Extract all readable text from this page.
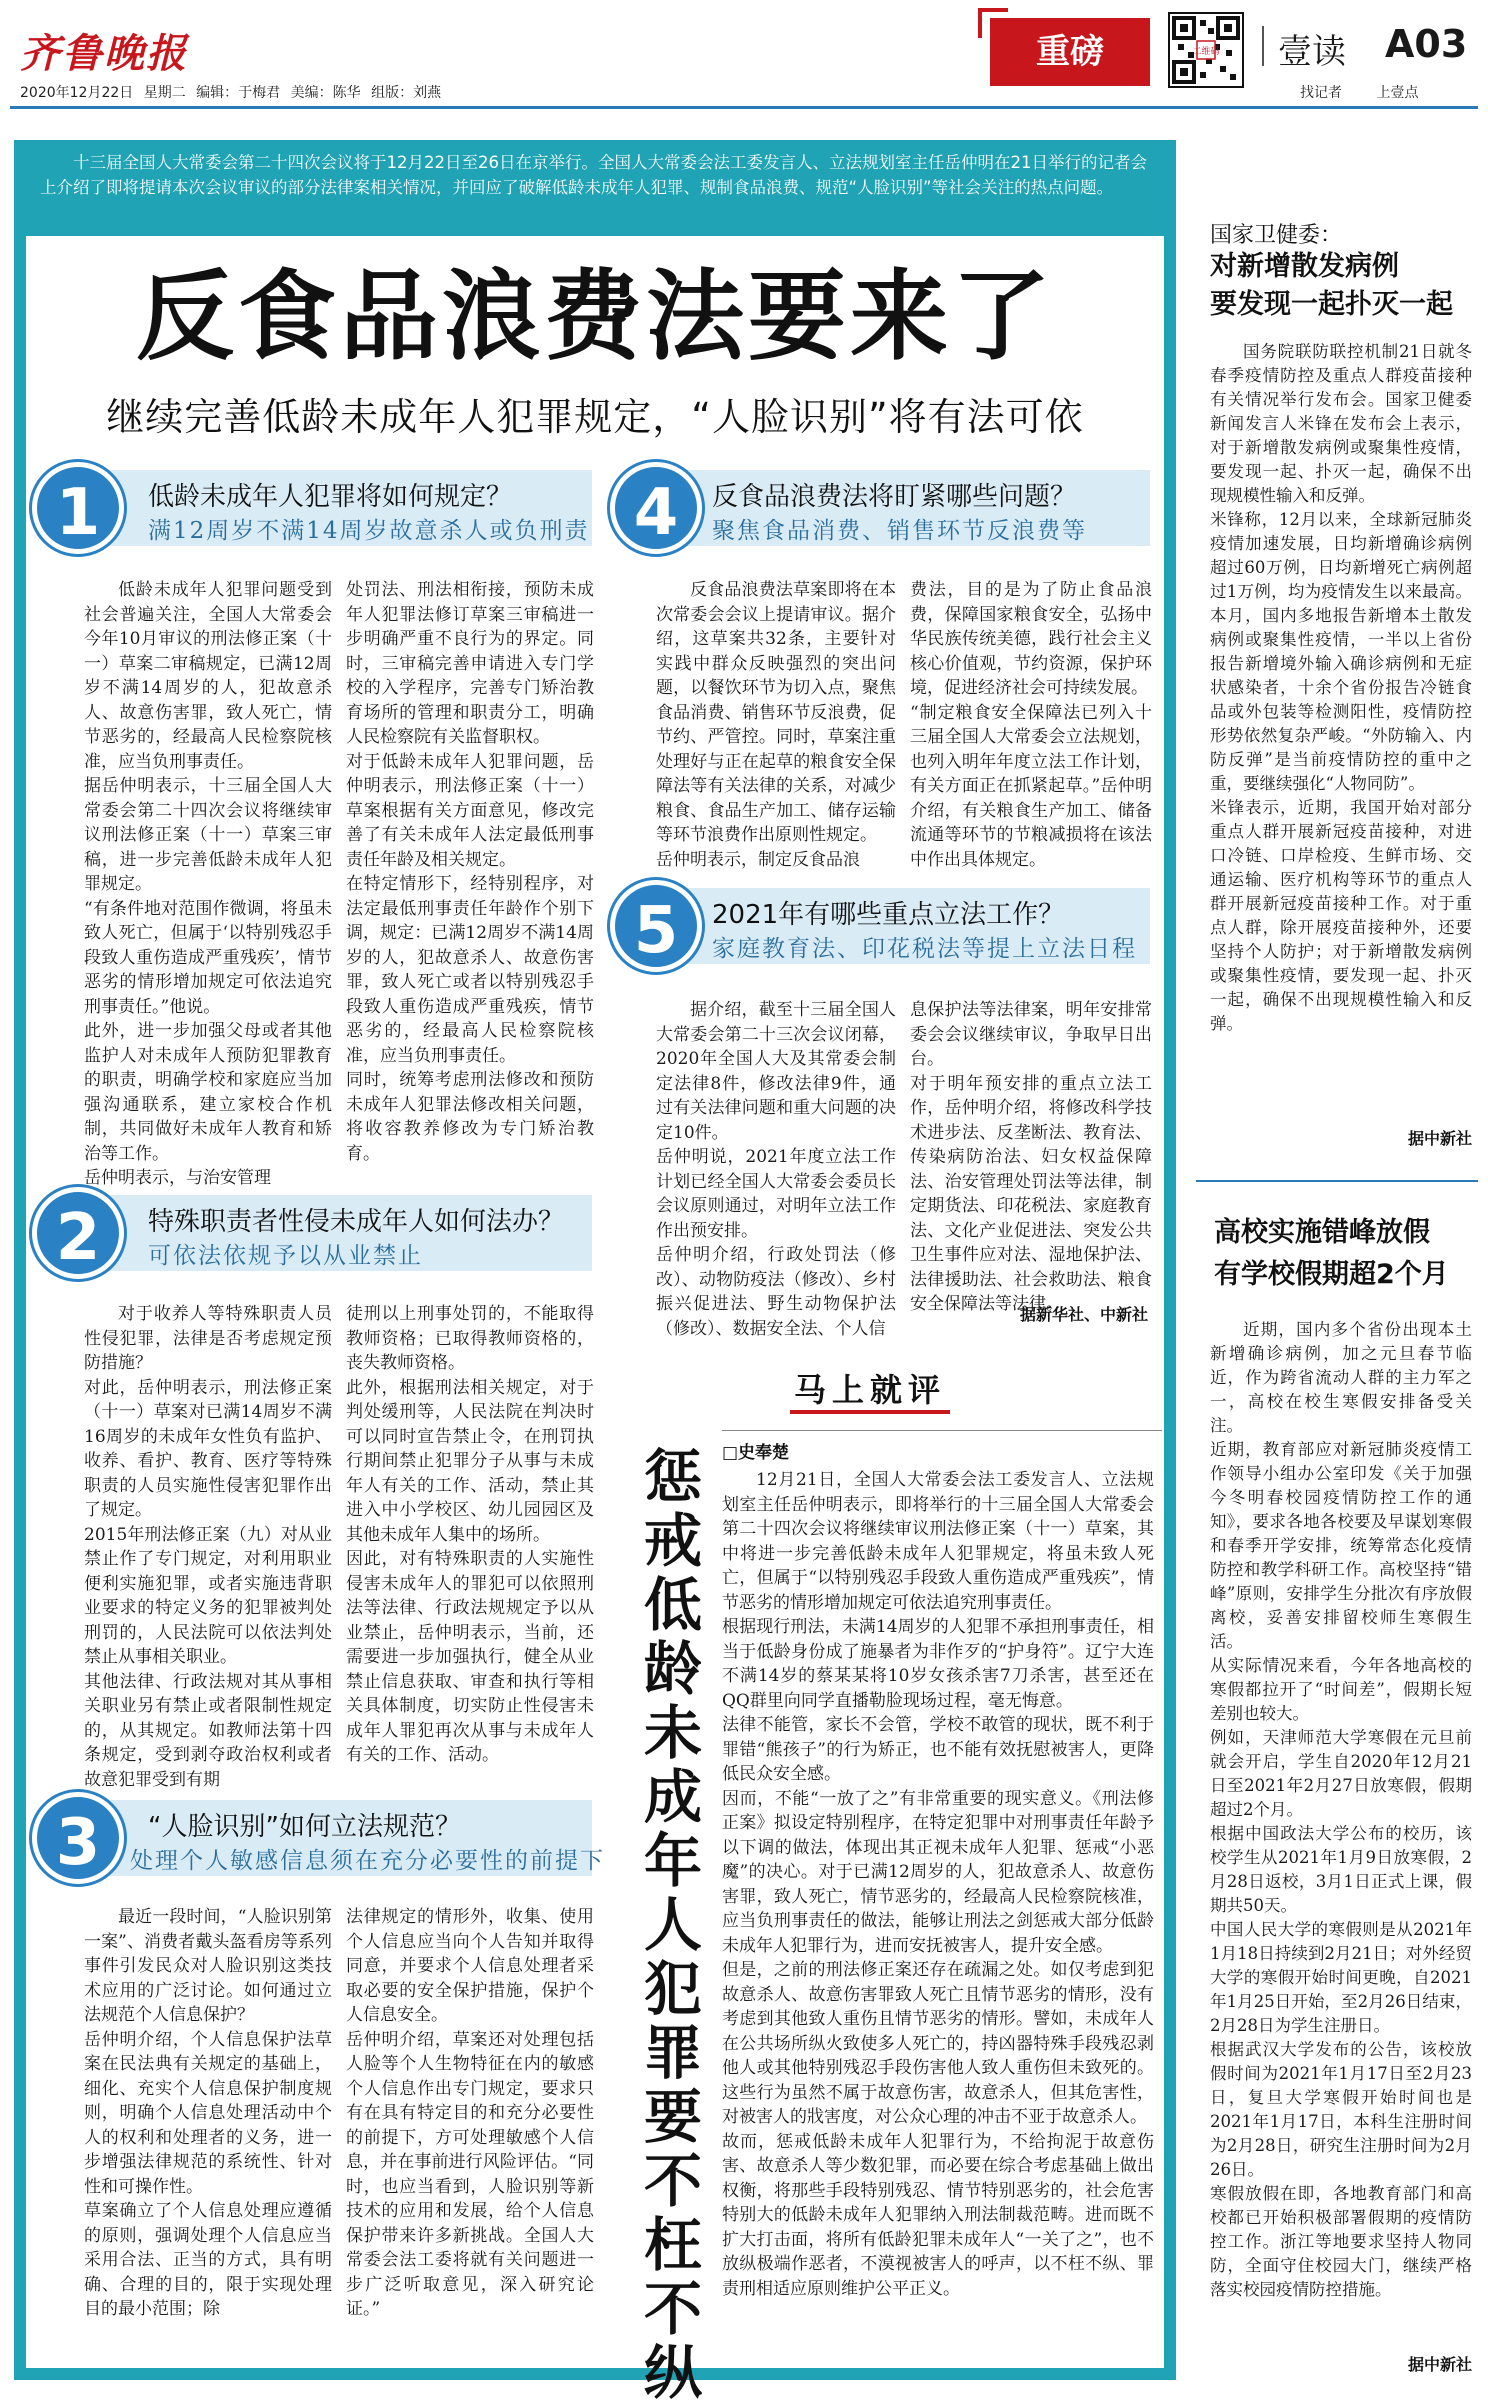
齐鲁晚报
2020年12月22日 星期二 编辑：于梅君 美编：陈华 组版：刘燕
重磅	二维码 壹读 A03
找记者 上壹点
十三届全国人大常委会第二十四次会议将于12月22日至26日在京举行。全国人大常委会法工委发言人、立法规划室主任岳仲明在21日举行的记者会上介绍了即将提请本次会议审议的部分法律案相关情况，并回应了破解低龄未成年人犯罪、规制食品浪费、规范“人脸识别”等社会关注的热点问题。
反食品浪费法要来了
继续完善低龄未成年人犯罪规定，“人脸识别”将有法可依
1	低龄未成年人犯罪将如何规定？
满12周岁不满14周岁故意杀人或负刑责

低龄未成年人犯罪问题受到社会普遍关注，全国人大常委会今年10月审议的刑法修正案（十一）草案二审稿规定，已满12周岁不满14周岁的人，犯故意杀人、故意伤害罪，致人死亡，情节恶劣的，经最高人民检察院核准，应当负刑事责任。
据岳仲明表示，十三届全国人大常委会第二十四次会议将继续审议刑法修正案（十一）草案三审稿，进一步完善低龄未成年人犯罪规定。
“有条件地对范围作微调，将虽未致人死亡，但属于‘以特别残忍手段致人重伤造成严重残疾’，情节恶劣的情形增加规定可依法追究刑事责任。”他说。
此外，进一步加强父母或者其他监护人对未成年人预防犯罪教育的职责，明确学校和家庭应当加强沟通联系，建立家校合作机制，共同做好未成年人教育和矫治等工作。
岳仲明表示，与治安管理

处罚法、刑法相衔接，预防未成年人犯罪法修订草案三审稿进一步明确严重不良行为的界定。同时，三审稿完善申请进入专门学校的入学程序，完善专门矫治教育场所的管理和职责分工，明确人民检察院有关监督职权。
对于低龄未成年人犯罪问题，岳仲明表示，刑法修正案（十一）草案根据有关方面意见，修改完善了有关未成年人法定最低刑事责任年龄及相关规定。
在特定情形下，经特别程序，对法定最低刑事责任年龄作个别下调，规定：已满12周岁不满14周岁的人，犯故意杀人、故意伤害罪，致人死亡或者以特别残忍手段致人重伤造成严重残疾，情节恶劣的，经最高人民检察院核准，应当负刑事责任。
同时，统筹考虑刑法修改和预防未成年人犯罪法修改相关问题，将收容教养修改为专门矫治教育。

2	特殊职责者性侵未成年人如何法办？
可依法依规予以从业禁止

对于收养人等特殊职责人员性侵犯罪，法律是否考虑规定预防措施？
对此，岳仲明表示，刑法修正案（十一）草案对已满14周岁不满16周岁的未成年女性负有监护、收养、看护、教育、医疗等特殊职责的人员实施性侵害犯罪作出了规定。
2015年刑法修正案（九）对从业禁止作了专门规定，对利用职业便利实施犯罪，或者实施违背职业要求的特定义务的犯罪被判处刑罚的，人民法院可以依法判处禁止从事相关职业。
其他法律、行政法规对其从事相关职业另有禁止或者限制性规定的，从其规定。如教师法第十四条规定，受到剥夺政治权利或者故意犯罪受到有期

徒刑以上刑事处罚的，不能取得教师资格；已取得教师资格的，丧失教师资格。
此外，根据刑法相关规定，对于判处缓刑等，人民法院在判决时可以同时宣告禁止令，在刑罚执行期间禁止犯罪分子从事与未成年人有关的工作、活动，禁止其进入中小学校区、幼儿园园区及其他未成年人集中的场所。
因此，对有特殊职责的人实施性侵害未成年人的罪犯可以依照刑法等法律、行政法规规定予以从业禁止，岳仲明表示，当前，还需要进一步加强执行，健全从业禁止信息获取、审查和执行等相关具体制度，切实防止性侵害未成年人罪犯再次从事与未成年人有关的工作、活动。

3	“人脸识别”如何立法规范？
处理个人敏感信息须在充分必要性的前提下

最近一段时间，“人脸识别第一案”、消费者戴头盔看房等系列事件引发民众对人脸识别这类技术应用的广泛讨论。如何通过立法规范个人信息保护？
岳仲明介绍，个人信息保护法草案在民法典有关规定的基础上，细化、充实个人信息保护制度规则，明确个人信息处理活动中个人的权利和处理者的义务，进一步增强法律规范的系统性、针对性和可操作性。
草案确立了个人信息处理应遵循的原则，强调处理个人信息应当采用合法、正当的方式，具有明确、合理的目的，限于实现处理目的最小范围；除

法律规定的情形外，收集、使用个人信息应当向个人告知并取得同意，并要求个人信息处理者采取必要的安全保护措施，保护个人信息安全。
岳仲明介绍，草案还对处理包括人脸等个人生物特征在内的敏感个人信息作出专门规定，要求只有在具有特定目的和充分必要性的前提下，方可处理敏感个人信息，并在事前进行风险评估。“同时，也应当看到，人脸识别等新技术的应用和发展，给个人信息保护带来许多新挑战。全国人大常委会法工委将就有关问题进一步广泛听取意见，深入研究论证。”

4	反食品浪费法将盯紧哪些问题？
聚焦食品消费、销售环节反浪费等

反食品浪费法草案即将在本次常委会会议上提请审议。据介绍，这草案共32条，主要针对实践中群众反映强烈的突出问题，以餐饮环节为切入点，聚焦食品消费、销售环节反浪费，促节约、严管控。同时，草案注重处理好与正在起草的粮食安全保障法等有关法律的关系，对减少粮食、食品生产加工、储存运输等环节浪费作出原则性规定。
岳仲明表示，制定反食品浪

费法，目的是为了防止食品浪费，保障国家粮食安全，弘扬中华民族传统美德，践行社会主义核心价值观，节约资源，保护环境，促进经济社会可持续发展。
“制定粮食安全保障法已列入十三届全国人大常委会立法规划，也列入明年年度立法工作计划，有关方面正在抓紧起草。”岳仲明介绍，有关粮食生产加工、储备流通等环节的节粮减损将在该法中作出具体规定。

5	2021年有哪些重点立法工作？
家庭教育法、印花税法等提上立法日程

据介绍，截至十三届全国人大常委会第二十三次会议闭幕，2020年全国人大及其常委会制定法律8件，修改法律9件，通过有关法律问题和重大问题的决定10件。
岳仲明说，2021年度立法工作计划已经全国人大常委会委员长会议原则通过，对明年立法工作作出预安排。
岳仲明介绍，行政处罚法（修改）、动物防疫法（修改）、乡村振兴促进法、野生动物保护法（修改）、数据安全法、个人信

息保护法等法律案，明年安排常委会会议继续审议，争取早日出台。
对于明年预安排的重点立法工作，岳仲明介绍，将修改科学技术进步法、反垄断法、教育法、传染病防治法、妇女权益保障法、治安管理处罚法等法律，制定期货法、印花税法、家庭教育法、文化产业促进法、突发公共卫生事件应对法、湿地保护法、法律援助法、社会救助法、粮食安全保障法等法律。

据新华社、中新社
马上就评
□史奉楚
惩戒低龄未成年人犯罪要不枉不纵

12月21日，全国人大常委会法工委发言人、立法规划室主任岳仲明表示，即将举行的十三届全国人大常委会第二十四次会议将继续审议刑法修正案（十一）草案，其中将进一步完善低龄未成年人犯罪规定，将虽未致人死亡，但属于“以特别残忍手段致人重伤造成严重残疾”，情节恶劣的情形增加规定可依法追究刑事责任。
根据现行刑法，未满14周岁的人犯罪不承担刑事责任，相当于低龄身份成了施暴者为非作歹的“护身符”。辽宁大连不满14岁的蔡某某将10岁女孩杀害7刀杀害，甚至还在QQ群里向同学直播勒脸现场过程，毫无悔意。
法律不能管，家长不会管，学校不敢管的现状，既不利于罪错“熊孩子”的行为矫正，也不能有效抚慰被害人，更降低民众安全感。
因而，不能“一放了之”有非常重要的现实意义。《刑法修正案》拟设定特别程序，在特定犯罪中对刑事责任年龄予以下调的做法，体现出其正视未成年人犯罪、惩戒“小恶魔”的决心。对于已满12周岁的人，犯故意杀人、故意伤害罪，致人死亡，情节恶劣的，经最高人民检察院核准，应当负刑事责任的做法，能够让刑法之剑惩戒大部分低龄未成年人犯罪行为，进而安抚被害人，提升安全感。
但是，之前的刑法修正案还存在疏漏之处。如仅考虑到犯故意杀人、故意伤害罪致人死亡且情节恶劣的情形，没有考虑到其他致人重伤且情节恶劣的情形。譬如，未成年人在公共场所纵火致使多人死亡的，持凶器特殊手段残忍剥他人或其他特别残忍手段伤害他人致人重伤但未致死的。这些行为虽然不属于故意伤害，故意杀人，但其危害性，对被害人的戕害度，对公众心理的冲击不亚于故意杀人。
故而，惩戒低龄未成年人犯罪行为，不给拘泥于故意伤害、故意杀人等少数犯罪，而必要在综合考虑基础上做出权衡，将那些手段特别残忍、情节特别恶劣的，社会危害特别大的低龄未成年人犯罪纳入刑法制裁范畴。进而既不扩大打击面，将所有低龄犯罪未成年人“一关了之”，也不放纵极端作恶者，不漠视被害人的呼声，以不枉不纵、罪责刑相适应原则维护公平正义。

国家卫健委：
对新增散发病例
要发现一起扑灭一起

国务院联防联控机制21日就冬春季疫情防控及重点人群疫苗接种有关情况举行发布会。国家卫健委新闻发言人米锋在发布会上表示，对于新增散发病例或聚集性疫情，要发现一起、扑灭一起，确保不出现规模性输入和反弹。
米锋称，12月以来，全球新冠肺炎疫情加速发展，日均新增确诊病例超过60万例，日均新增死亡病例超过1万例，均为疫情发生以来最高。本月，国内多地报告新增本土散发病例或聚集性疫情，一半以上省份报告新增境外输入确诊病例和无症状感染者，十余个省份报告冷链食品或外包装等检测阳性，疫情防控形势依然复杂严峻。“外防输入、内防反弹”是当前疫情防控的重中之重，要继续强化“人物同防”。
米锋表示，近期，我国开始对部分重点人群开展新冠疫苗接种，对进口冷链、口岸检疫、生鲜市场、交通运输、医疗机构等环节的重点人群开展新冠疫苗接种工作。对于重点人群，除开展疫苗接种外，还要坚持个人防护；对于新增散发病例或聚集性疫情，要发现一起、扑灭一起，确保不出现规模性输入和反弹。

据中新社
高校实施错峰放假
有学校假期超2个月

近期，国内多个省份出现本土新增确诊病例，加之元旦春节临近，作为跨省流动人群的主力军之一，高校在校生寒假安排备受关注。
近期，教育部应对新冠肺炎疫情工作领导小组办公室印发《关于加强今冬明春校园疫情防控工作的通知》，要求各地各校要及早谋划寒假和春季开学安排，统筹常态化疫情防控和教学科研工作。高校坚持“错峰”原则，安排学生分批次有序放假离校，妥善安排留校师生寒假生活。
从实际情况来看，今年各地高校的寒假都拉开了“时间差”，假期长短差别也较大。
例如，天津师范大学寒假在元旦前就会开启，学生自2020年12月21日至2021年2月27日放寒假，假期超过2个月。
根据中国政法大学公布的校历，该校学生从2021年1月9日放寒假，2月28日返校，3月1日正式上课，假期共50天。
中国人民大学的寒假则是从2021年1月18日持续到2月21日；对外经贸大学的寒假开始时间更晚，自2021年1月25日开始，至2月26日结束，2月28日为学生注册日。
根据武汉大学发布的公告，该校放假时间为2021年1月17日至2月23日，复旦大学寒假开始时间也是2021年1月17日，本科生注册时间为2月28日，研究生注册时间为2月26日。
寒假放假在即，各地教育部门和高校都已开始积极部署假期的疫情防控工作。浙江等地要求坚持人物同防，全面守住校园大门，继续严格落实校园疫情防控措施。

据中新社
